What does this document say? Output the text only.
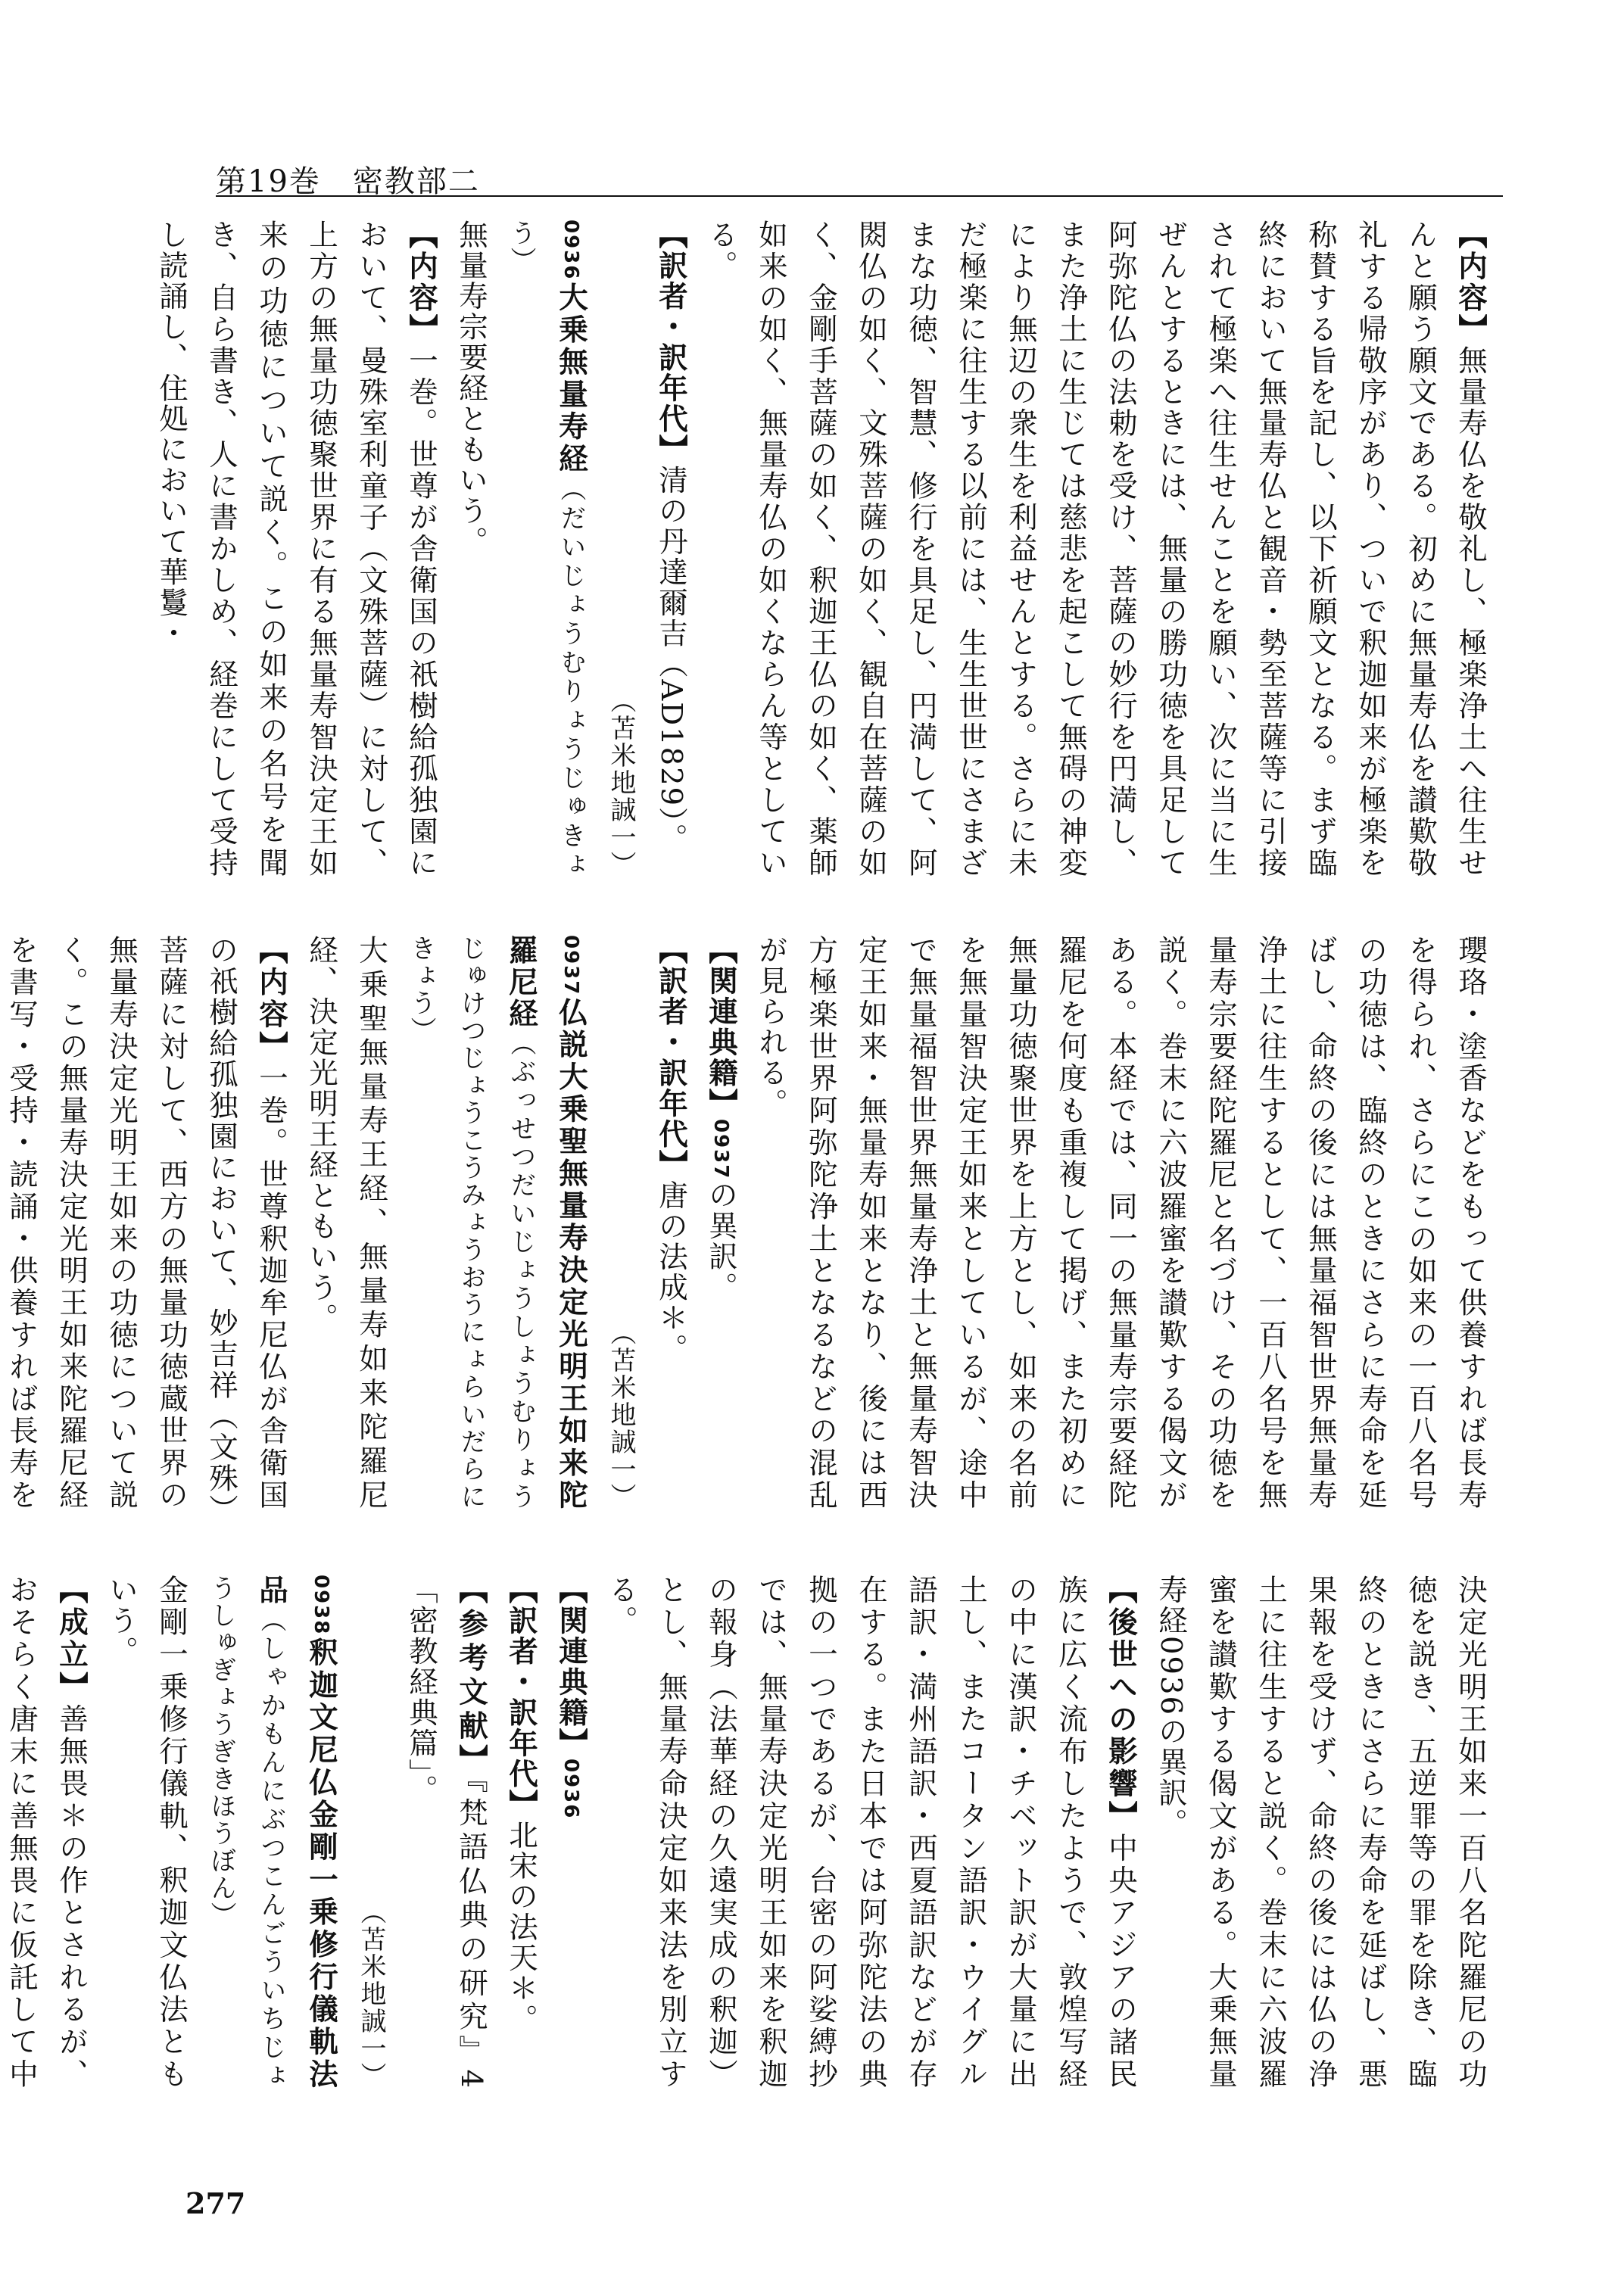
第19巻　密教部二
【内容】無量寿仏を敬礼し、極楽浄土へ往生せんと願う願文である。初めに無量寿仏を讃歎敬礼する帰敬序があり、ついで釈迦如来が極楽を称賛する旨を記し、以下祈願文となる。まず臨終において無量寿仏と観音・勢至菩薩等に引接されて極楽へ往生せんことを願い、次に当に生ぜんとするときには、無量の勝功徳を具足して阿弥陀仏の法勅を受け、菩薩の妙行を円満し、また浄土に生じては慈悲を起こして無碍の神変により無辺の衆生を利益せんとする。さらに未だ極楽に往生する以前には、生生世世にさまざまな功徳、智慧、修行を具足し、円満して、阿閦仏の如く、文殊菩薩の如く、観自在菩薩の如く、金剛手菩薩の如く、釈迦王仏の如く、薬師如来の如く、無量寿仏の如くならん等としている。
【訳者・訳年代】清の丹達爾吉（AD1829）。
（苫米地誠一）
0936大乗無量寿経（だいじょうむりょうじゅきょう）
無量寿宗要経ともいう。
【内容】一巻。世尊が舎衛国の祇樹給孤独園において、曼殊室利童子（文殊菩薩）に対して、上方の無量功徳聚世界に有る無量寿智決定王如来の功徳について説く。この如来の名号を聞き、自ら書き、人に書かしめ、経巻にして受持し読誦し、住処において華鬘・
瓔珞・塗香などをもって供養すれば長寿を得られ、さらにこの如来の一百八名号の功徳は、臨終のときにさらに寿命を延ばし、命終の後には無量福智世界無量寿浄土に往生するとして、一百八名号を無量寿宗要経陀羅尼と名づけ、その功徳を説く。巻末に六波羅蜜を讃歎する偈文がある。本経では、同一の無量寿宗要経陀羅尼を何度も重複して掲げ、また初めに無量功徳聚世界を上方とし、如来の名前を無量智決定王如来としているが、途中で無量福智世界無量寿浄土と無量寿智決定王如来・無量寿如来となり、後には西方極楽世界阿弥陀浄土となるなどの混乱が見られる。
【関連典籍】0937の異訳。
【訳者・訳年代】唐の法成＊。
（苫米地誠一）
0937仏説大乗聖無量寿決定光明王如来陀羅尼経（ぶっせつだいじょうしょうむりょうじゅけつじょうこうみょうおうにょらいだらにきょう）
大乗聖無量寿王経、無量寿如来陀羅尼経、決定光明王経ともいう。
【内容】一巻。世尊釈迦牟尼仏が舎衛国の祇樹給孤独園において、妙吉祥（文殊）菩薩に対して、西方の無量功徳蔵世界の無量寿決定光明王如来の功徳について説く。この無量寿決定光明王如来陀羅尼経を書写・受持・読誦・供養すれば長寿を
決定光明王如来一百八名陀羅尼の功徳を説き、五逆罪等の罪を除き、臨終のときにさらに寿命を延ばし、悪果報を受けず、命終の後には仏の浄土に往生すると説く。巻末に六波羅蜜を讃歎する偈文がある。大乗無量寿経0936の異訳。
【後世への影響】中央アジアの諸民族に広く流布したようで、敦煌写経の中に漢訳・チベット訳が大量に出土し、またコータン語訳・ウイグル語訳・満州語訳・西夏語訳などが存在する。また日本では阿弥陀法の典拠の一つであるが、台密の阿娑縛抄では、無量寿決定光明王如来を釈迦の報身（法華経の久遠実成の釈迦）とし、無量寿命決定如来法を別立する。
【関連典籍】0936
【訳者・訳年代】北宋の法天＊。
【参考文献】『梵語仏典の研究』4「密教経典篇」。
（苫米地誠一）
0938釈迦文尼仏金剛一乗修行儀軌法品（しゃかもんにぶつこんごういちじょうしゅぎょうぎきほうぼん）
金剛一乗修行儀軌、釈迦文仏法ともいう。
【成立】善無畏＊の作とされるが、おそらく唐末に善無畏に仮託して中
277
